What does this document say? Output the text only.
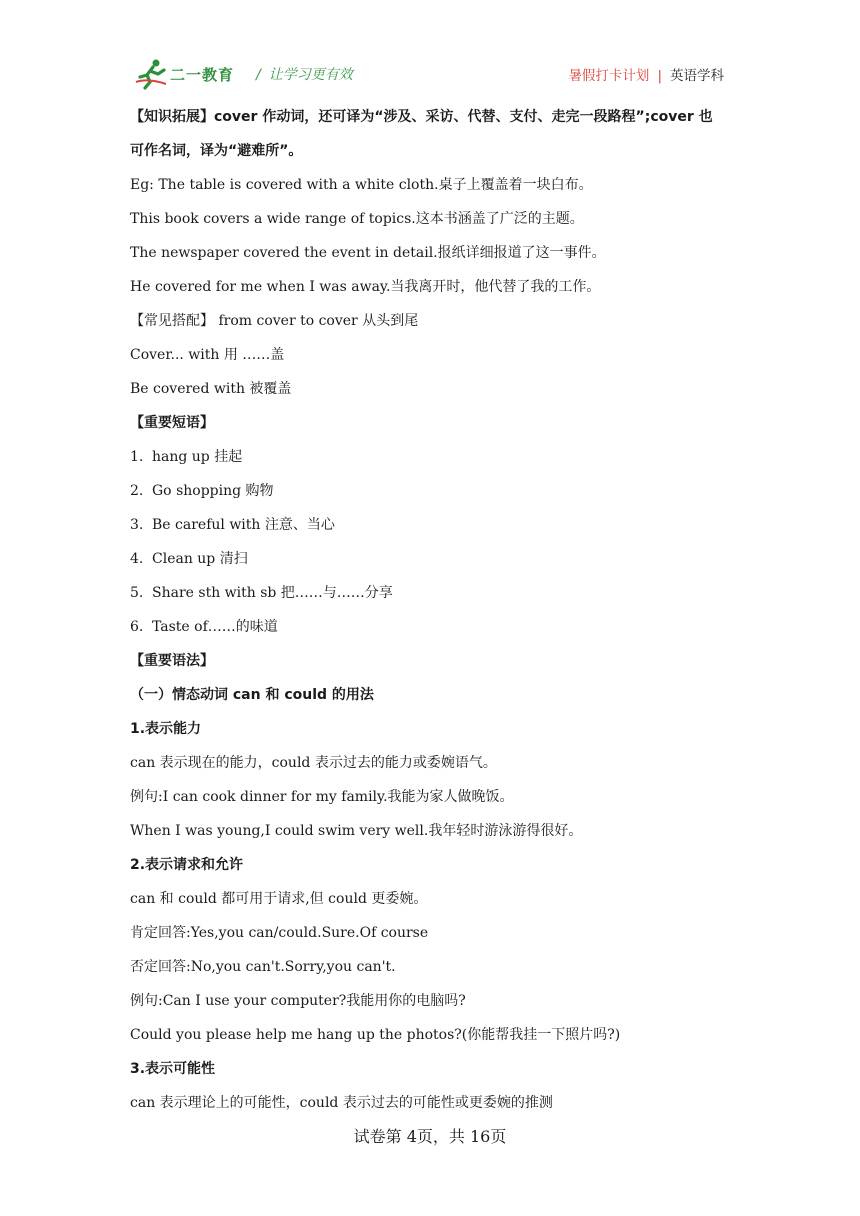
二一教育 / 让学习更有效	暑假打卡计划 | 英语学科
【知识拓展】cover 作动词，还可译为“涉及、采访、代替、支付、走完一段路程”;cover 也
可作名词，译为“避难所”。
Eg: The table is covered with a white cloth.桌子上覆盖着一块白布。
This book covers a wide range of topics.这本书涵盖了广泛的主题。
The newspaper covered the event in detail.报纸详细报道了这一事件。
He covered for me when I was away.当我离开时，他代替了我的工作。
【常见搭配】 from cover to cover 从头到尾
Cover... with 用 ……盖
Be covered with 被覆盖
【重要短语】
1. hang up 挂起
2. Go shopping 购物
3. Be careful with 注意、当心
4. Clean up 清扫
5. Share sth with sb 把……与……分享
6. Taste of……的味道
【重要语法】
（一）情态动词 can 和 could 的用法
1.表示能力
can 表示现在的能力，could 表示过去的能力或委婉语气。
例句:I can cook dinner for my family.我能为家人做晚饭。
When I was young,I could swim very well.我年轻时游泳游得很好。
2.表示请求和允许
can 和 could 都可用于请求,但 could 更委婉。
肯定回答:Yes,you can/could.Sure.Of course
否定回答:No,you can't.Sorry,you can't.
例句:Can I use your computer?我能用你的电脑吗?
Could you please help me hang up the photos?(你能帮我挂一下照片吗?)
3.表示可能性
can 表示理论上的可能性，could 表示过去的可能性或更委婉的推测
试卷第 4页，共 16页
